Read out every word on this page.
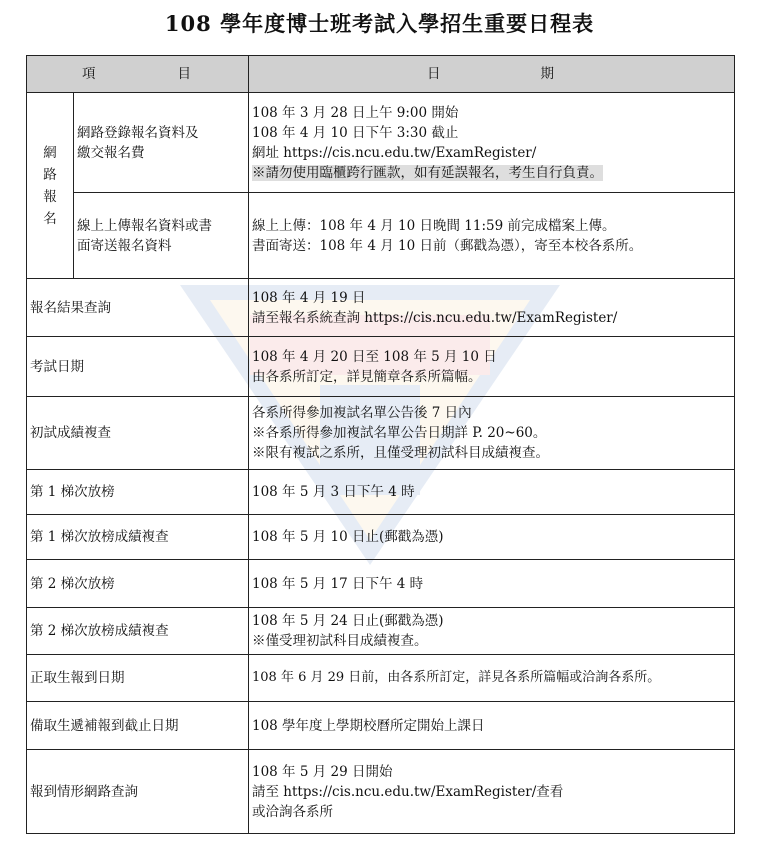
108 學年度博士班考試入學招生重要日程表
項 目		日 期

網
路
報
名	網路登錄報名資料及
繳交報名費	108 年 3 月 28 日上午 9:00 開始
108 年 4 月 10 日下午 3:30 截止
網址 https://cis.ncu.edu.tw/ExamRegister/
※請勿使用臨櫃跨行匯款，如有延誤報名，考生自行負責。

	線上上傳報名資料或書
面寄送報名資料	線上上傳：108 年 4 月 10 日晚間 11:59 前完成檔案上傳。
書面寄送：108 年 4 月 10 日前（郵戳為憑），寄至本校各系所。

報名結果查詢		108 年 4 月 19 日
請至報名系統查詢 https://cis.ncu.edu.tw/ExamRegister/

考試日期		108 年 4 月 20 日至 108 年 5 月 10 日
由各系所訂定，詳見簡章各系所篇幅。

初試成績複查		各系所得參加複試名單公告後 7 日內
※各系所得參加複試名單公告日期詳 P. 20~60。
※限有複試之系所，且僅受理初試科目成績複查。

第 1 梯次放榜		108 年 5 月 3 日下午 4 時
第 1 梯次放榜成績複查		108 年 5 月 10 日止(郵戳為憑)
第 2 梯次放榜		108 年 5 月 17 日下午 4 時
第 2 梯次放榜成績複查		108 年 5 月 24 日止(郵戳為憑)
※僅受理初試科目成績複查。

正取生報到日期		108 年 6 月 29 日前，由各系所訂定，詳見各系所篇幅或洽詢各系所。
備取生遞補報到截止日期		108 學年度上學期校曆所定開始上課日
報到情形網路查詢		108 年 5 月 29 日開始
請至 https://cis.ncu.edu.tw/ExamRegister/查看
或洽詢各系所
